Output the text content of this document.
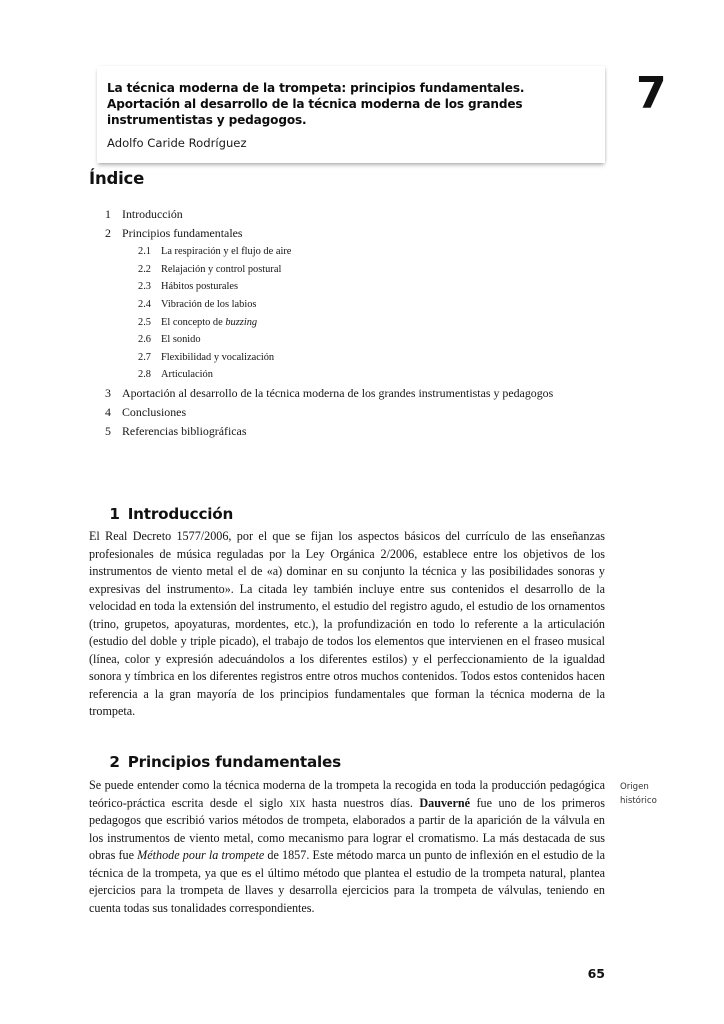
La técnica moderna de la trompeta: principios fundamentales. Aportación al desarrollo de la técnica moderna de los grandes instrumentistas y pedagogos.
Adolfo Caride Rodríguez
7
Índice
1 Introducción
2 Principios fundamentales
2.1 La respiración y el flujo de aire
2.2 Relajación y control postural
2.3 Hábitos posturales
2.4 Vibración de los labios
2.5 El concepto de buzzing
2.6 El sonido
2.7 Flexibilidad y vocalización
2.8 Articulación
3 Aportación al desarrollo de la técnica moderna de los grandes instrumentistas y pedagogos
4 Conclusiones
5 Referencias bibliográficas

1 Introducción

El Real Decreto 1577/2006, por el que se fijan los aspectos básicos del currículo de las enseñanzas profesionales de música reguladas por la Ley Orgánica 2/2006, establece entre los objetivos de los instrumentos de viento metal el de «a) dominar en su conjunto la técnica y las posibilidades sonoras y expresivas del instrumento». La citada ley también incluye entre sus contenidos el desarrollo de la velocidad en toda la extensión del instrumento, el estudio del registro agudo, el estudio de los ornamentos (trino, grupetos, apoyaturas, mordentes, etc.), la profundización en todo lo referente a la articulación (estudio del doble y triple picado), el trabajo de todos los elementos que intervienen en el fraseo musical (línea, color y expresión adecuándolos a los diferentes estilos) y el perfeccionamiento de la igualdad sonora y tímbrica en los diferentes registros entre otros muchos contenidos. Todos estos contenidos hacen referencia a la gran mayoría de los principios fundamentales que forman la técnica moderna de la trompeta.

2 Principios fundamentales

Se puede entender como la técnica moderna de la trompeta la recogida en toda la producción pedagógica teórico-práctica escrita desde el siglo xix hasta nuestros días. Dauverné fue uno de los primeros pedagogos que escribió varios métodos de trompeta, elaborados a partir de la aparición de la válvula en los instrumentos de viento metal, como mecanismo para lograr el cromatismo. La más destacada de sus obras fue Méthode pour la trompete de 1857. Este método marca un punto de inflexión en el estudio de la técnica de la trompeta, ya que es el último método que plantea el estudio de la trompeta natural, plantea ejercicios para la trompeta de llaves y desarrolla ejercicios para la trompeta de válvulas, teniendo en cuenta todas sus tonalidades correspondientes.

Origen
histórico
65
